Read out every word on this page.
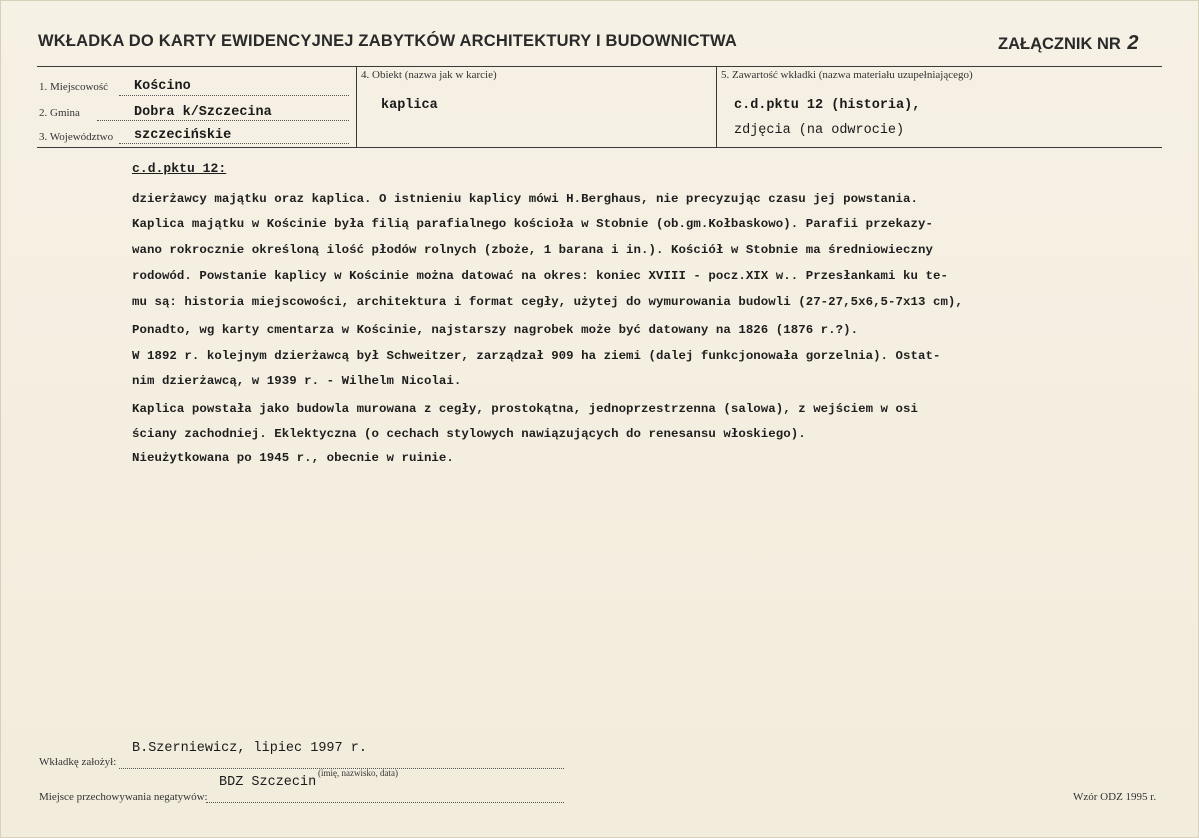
WKŁADKA DO KARTY EWIDENCYJNEJ ZABYTKÓW ARCHITEKTURY I BUDOWNICTWA	ZAŁĄCZNIK NR 2
1. Miejscowość Kościno
2. Gmina	Dobra k/Szczecina
3. Województwo szczecińskie
4. Obiekt (nazwa jak w karcie)
kaplica
5. Zawartość wkładki (nazwa materiału uzupełniającego)
c.d.pktu 12 (historia),
zdjęcia (na odwrocie)
c.d.pktu 12:
dzierżawcy majątku oraz kaplica. O istnieniu kaplicy mówi H.Berghaus, nie precyzując czasu jej powstania.
Kaplica majątku w Kościnie była filią parafialnego kościoła w Stobnie (ob.gm.Kołbaskowo). Parafii przekazy-
wano rokrocznie określoną ilość płodów rolnych (zboże, 1 barana i in.). Kościół w Stobnie ma średniowieczny
rodowód. Powstanie kaplicy w Kościnie można datować na okres: koniec XVIII - pocz.XIX w.. Przesłankami ku te-
mu są: historia miejscowości, architektura i format cegły, użytej do wymurowania budowli (27-27,5x6,5-7x13 cm),
Ponadto, wg karty cmentarza w Kościnie, najstarszy nagrobek może być datowany na 1826 (1876 r.?).
W 1892 r. kolejnym dzierżawcą był Schweitzer, zarządzał 909 ha ziemi (dalej funkcjonowała gorzelnia). Ostat-
nim dzierżawcą, w 1939 r. - Wilhelm Nicolai.
Kaplica powstała jako budowla murowana z cegły, prostokątna, jednoprzestrzenna (salowa), z wejściem w osi
ściany zachodniej. Eklektyczna (o cechach stylowych nawiązujących do renesansu włoskiego).
Nieużytkowana po 1945 r., obecnie w ruinie.
Wkładkę założył:
B.Szerniewicz, lipiec 1997 r.
(imię, nazwisko, data)
Miejsce przechowywania negatywów:
BDZ Szczecin
Wzór ODZ 1995 r.
